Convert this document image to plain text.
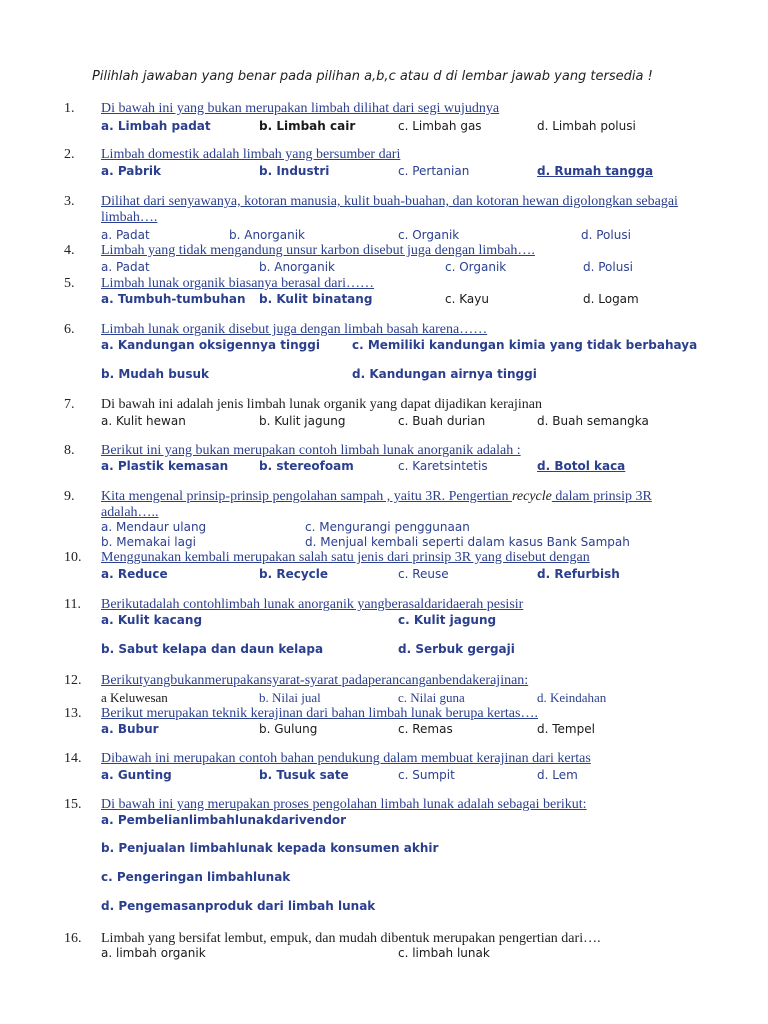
Pilihlah jawaban yang benar pada pilihan a,b,c atau d di lembar jawab yang tersedia !
1. Di bawah ini yang bukan merupakan limbah dilihat dari segi wujudnya
a. Limbah padat	b. Limbah cair	c. Limbah gas	d. Limbah polusi
2. Limbah domestik adalah limbah yang bersumber dari
a. Pabrik	b. Industri	c. Pertanian	d. Rumah tangga
3. Dilihat dari senyawanya, kotoran manusia, kulit buah-buahan, dan kotoran hewan digolongkan sebagai limbah….
a. Padat	b. Anorganik	c. Organik	d. Polusi
4. Limbah yang tidak mengandung unsur karbon disebut juga dengan limbah….
a. Padat	b. Anorganik	c. Organik	d. Polusi
5. Limbah lunak organik biasanya berasal dari……
a. Tumbuh-tumbuhan b. Kulit binatang	c. Kayu	d. Logam
6. Limbah lunak organik disebut juga dengan limbah basah karena……
a. Kandungan oksigennya tinggi	c. Memiliki kandungan kimia yang tidak berbahaya
b. Mudah busuk	d. Kandungan airnya tinggi
7. Di bawah ini adalah jenis limbah lunak organik yang dapat dijadikan kerajinan
a. Kulit hewan	b. Kulit jagung	c. Buah durian	d. Buah semangka
8. Berikut ini yang bukan merupakan contoh limbah lunak anorganik adalah :
a. Plastik kemasan	b. stereofoam	c. Karetsintetis	d. Botol kaca
9. Kita mengenal prinsip-prinsip pengolahan sampah , yaitu 3R. Pengertian recycle dalam prinsip 3R adalah…..
a. Mendaur ulang	c. Mengurangi penggunaan
b. Memakai lagi	d. Menjual kembali seperti dalam kasus Bank Sampah
10. Menggunakan kembali merupakan salah satu jenis dari prinsip 3R yang disebut dengan
a. Reduce	b. Recycle	c. Reuse	d. Refurbish
11. Berikutadalah contohlimbah lunak anorganik yangberasaldaridaerah pesisir
a. Kulit kacang	c. Kulit jagung
b. Sabut kelapa dan daun kelapa	d. Serbuk gergaji
12. Berikutyangbukanmerupakansyarat-syarat padaperancanganbendakerajinan:
a Keluwesan	b. Nilai jual	c. Nilai guna	d. Keindahan
13. Berikut merupakan teknik kerajinan dari bahan limbah lunak berupa kertas….
a. Bubur	b. Gulung	c. Remas	d. Tempel
14. Dibawah ini merupakan contoh bahan pendukung dalam membuat kerajinan dari kertas
a. Gunting	b. Tusuk sate	c. Sumpit	d. Lem
15. Di bawah ini yang merupakan proses pengolahan limbah lunak adalah sebagai berikut:
a. Pembelianlimbahlunakdarivendor
b. Penjualan limbahlunak kepada konsumen akhir
c. Pengeringan limbahlunak
d. Pengemasanproduk dari limbah lunak
16. Limbah yang bersifat lembut, empuk, dan mudah dibentuk merupakan pengertian dari….
a. limbah organik	c. limbah lunak
